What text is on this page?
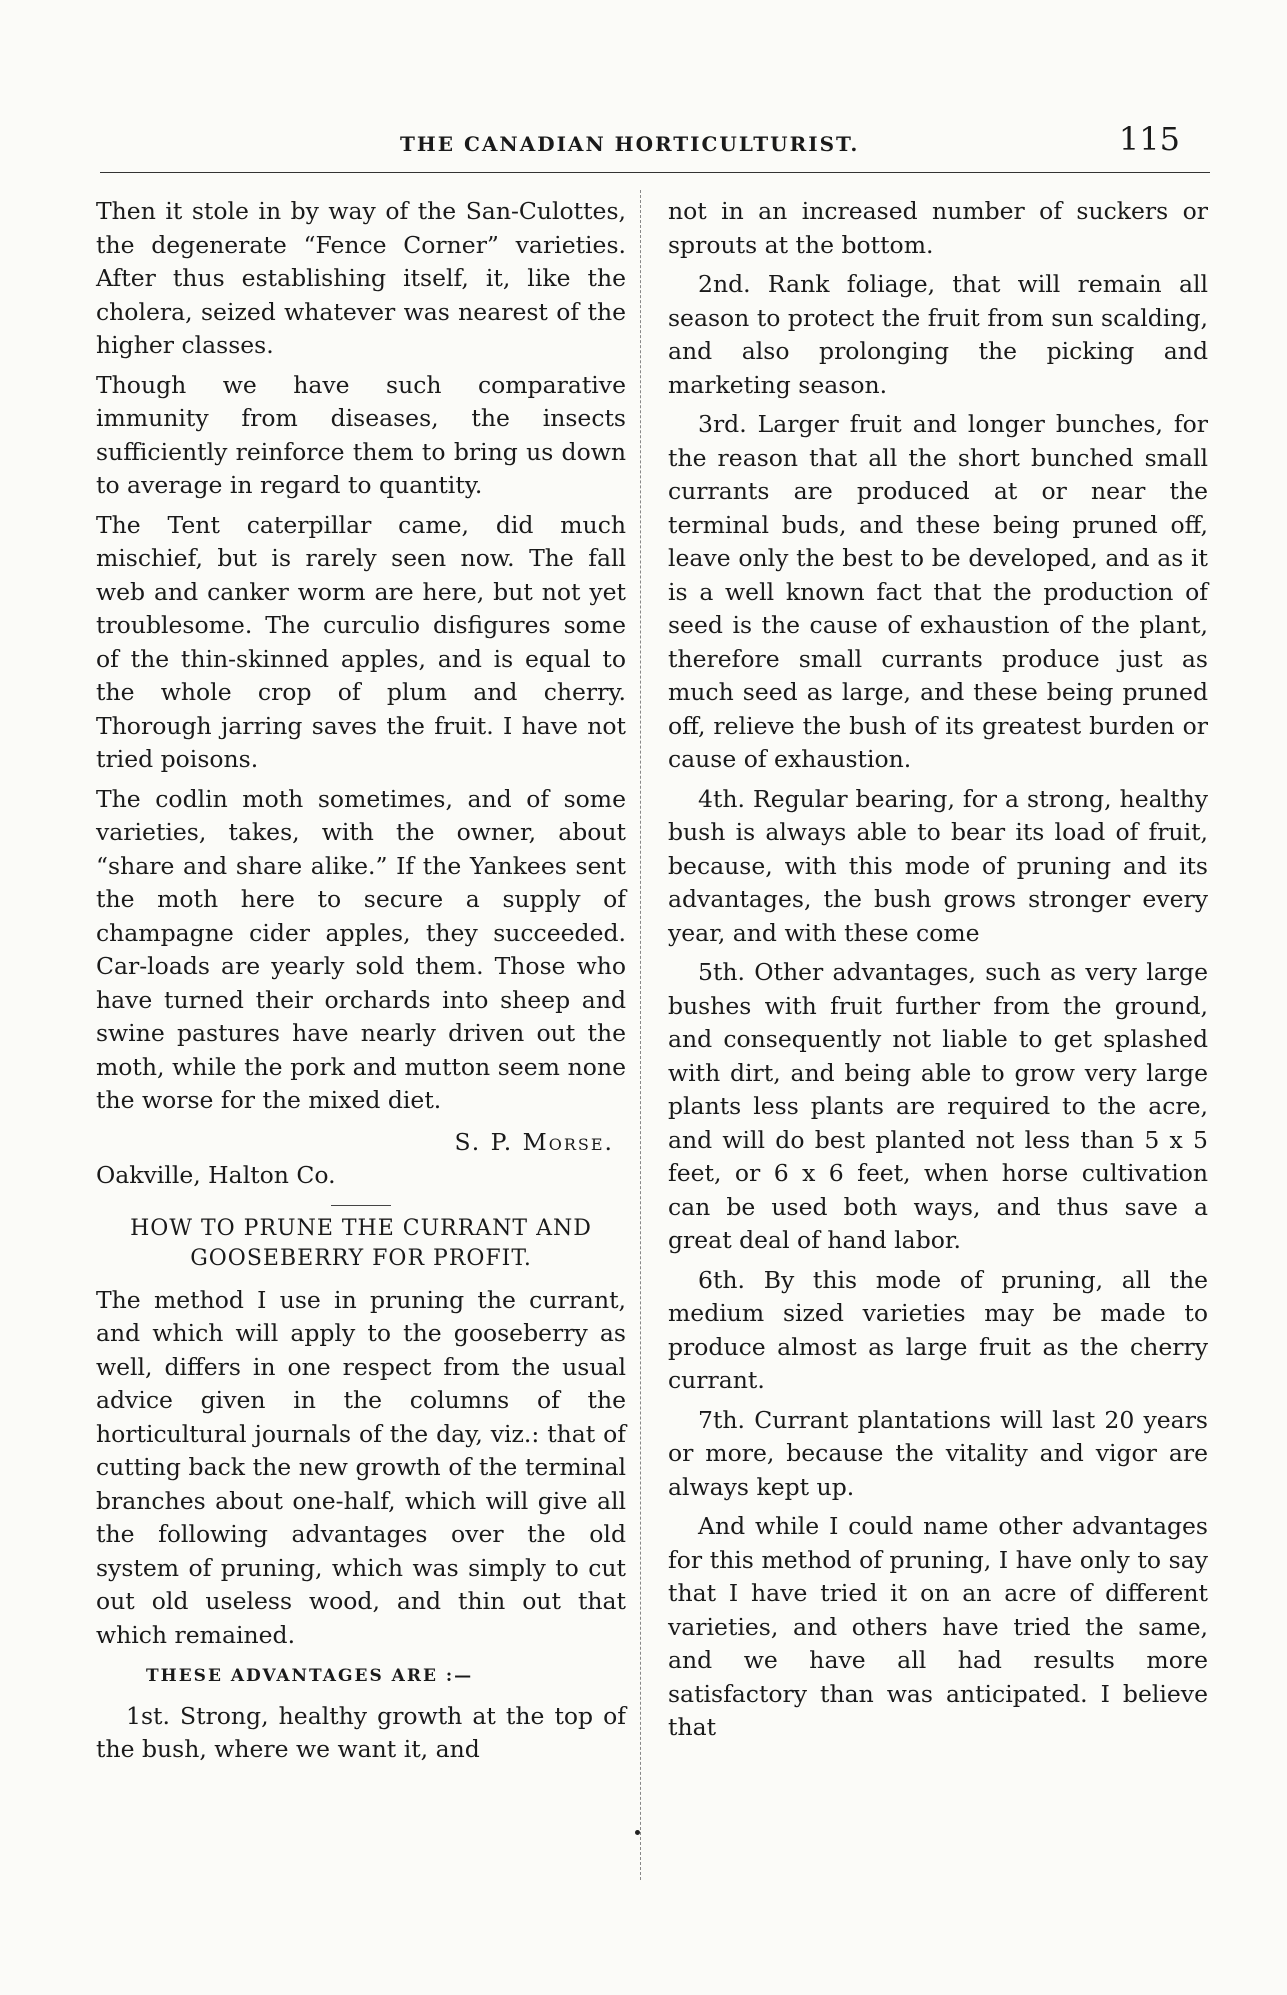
THE CANADIAN HORTICULTURIST.	115

Then it stole in by way of the San-Culottes, the degenerate “Fence Corner” varieties. After thus establishing itself, it, like the cholera, seized whatever was nearest of the higher classes.

Though we have such comparative immunity from diseases, the insects sufficiently reinforce them to bring us down to average in regard to quantity.

The Tent caterpillar came, did much mischief, but is rarely seen now. The fall web and canker worm are here, but not yet troublesome. The curculio disfigures some of the thin-skinned apples, and is equal to the whole crop of plum and cherry. Thorough jarring saves the fruit. I have not tried poisons.

The codlin moth sometimes, and of some varieties, takes, with the owner, about “share and share alike.” If the Yankees sent the moth here to secure a supply of champagne cider apples, they succeeded. Car-loads are yearly sold them. Those who have turned their orchards into sheep and swine pastures have nearly driven out the moth, while the pork and mutton seem none the worse for the mixed diet.

S. P. Morse.
Oakville, Halton Co.
HOW TO PRUNE THE CURRANT AND
GOOSEBERRY FOR PROFIT.

The method I use in pruning the currant, and which will apply to the gooseberry as well, differs in one respect from the usual advice given in the columns of the horticultural journals of the day, viz.: that of cutting back the new growth of the terminal branches about one-half, which will give all the following advantages over the old system of pruning, which was simply to cut out old useless wood, and thin out that which remained.

THESE ADVANTAGES ARE :—

1st. Strong, healthy growth at the top of the bush, where we want it, and

not in an increased number of suckers or sprouts at the bottom.

2nd. Rank foliage, that will remain all season to protect the fruit from sun scalding, and also prolonging the picking and marketing season.

3rd. Larger fruit and longer bunches, for the reason that all the short bunched small currants are produced at or near the terminal buds, and these being pruned off, leave only the best to be developed, and as it is a well known fact that the production of seed is the cause of exhaustion of the plant, therefore small currants produce just as much seed as large, and these being pruned off, relieve the bush of its greatest burden or cause of exhaustion.

4th. Regular bearing, for a strong, healthy bush is always able to bear its load of fruit, because, with this mode of pruning and its advantages, the bush grows stronger every year, and with these come

5th. Other advantages, such as very large bushes with fruit further from the ground, and consequently not liable to get splashed with dirt, and being able to grow very large plants less plants are required to the acre, and will do best planted not less than 5 x 5 feet, or 6 x 6 feet, when horse cultivation can be used both ways, and thus save a great deal of hand labor.

6th. By this mode of pruning, all the medium sized varieties may be made to produce almost as large fruit as the cherry currant.

7th. Currant plantations will last 20 years or more, because the vitality and vigor are always kept up.

And while I could name other advantages for this method of pruning, I have only to say that I have tried it on an acre of different varieties, and others have tried the same, and we have all had results more satisfactory than was anticipated. I believe that
